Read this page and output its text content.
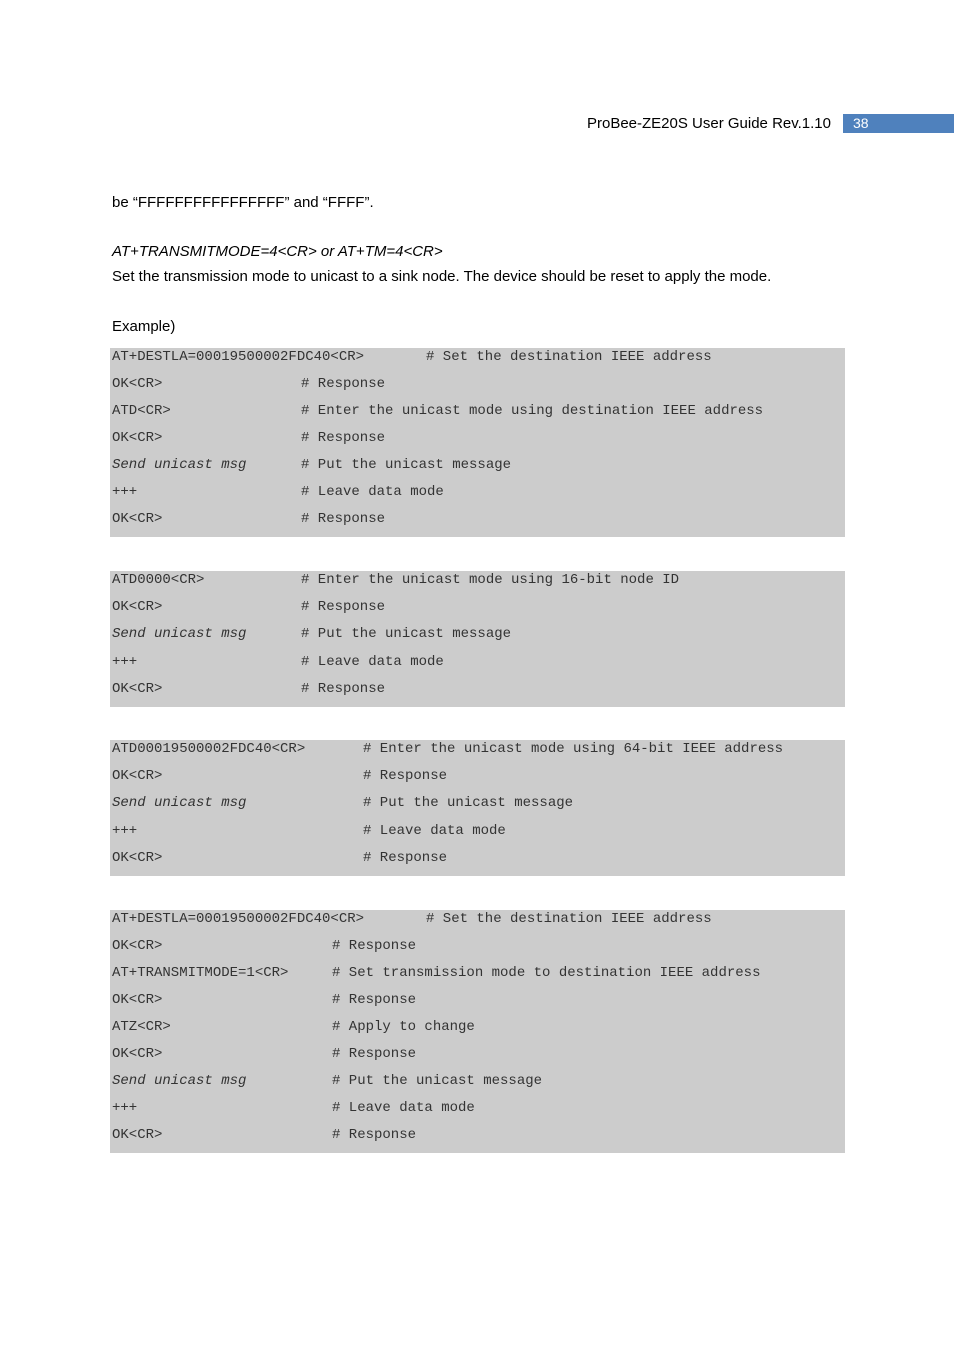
ProBee-ZE20S User Guide Rev.1.10	38
be “FFFFFFFFFFFFFFFF” and “FFFF”.
AT+TRANSMITMODE=4<CR> or AT+TM=4<CR>
Set the transmission mode to unicast to a sink node. The device should be reset to apply the mode.
Example)
AT+DESTLA=00019500002FDC40<CR>	# Set the destination IEEE address
OK<CR>	# Response
ATD<CR>	# Enter the unicast mode using destination IEEE address
OK<CR>	# Response
Send unicast msg	# Put the unicast message
+++	# Leave data mode
OK<CR>	# Response
ATD0000<CR>	# Enter the unicast mode using 16-bit node ID
OK<CR>	# Response
Send unicast msg	# Put the unicast message
+++	# Leave data mode
OK<CR>	# Response
ATD00019500002FDC40<CR>	# Enter the unicast mode using 64-bit IEEE address
OK<CR>	# Response
Send unicast msg	# Put the unicast message
+++	# Leave data mode
OK<CR>	# Response
AT+DESTLA=00019500002FDC40<CR>	# Set the destination IEEE address
OK<CR>	# Response
AT+TRANSMITMODE=1<CR>	# Set transmission mode to destination IEEE address
OK<CR>	# Response
ATZ<CR>	# Apply to change
OK<CR>	# Response
Send unicast msg	# Put the unicast message
+++	# Leave data mode
OK<CR>	# Response
